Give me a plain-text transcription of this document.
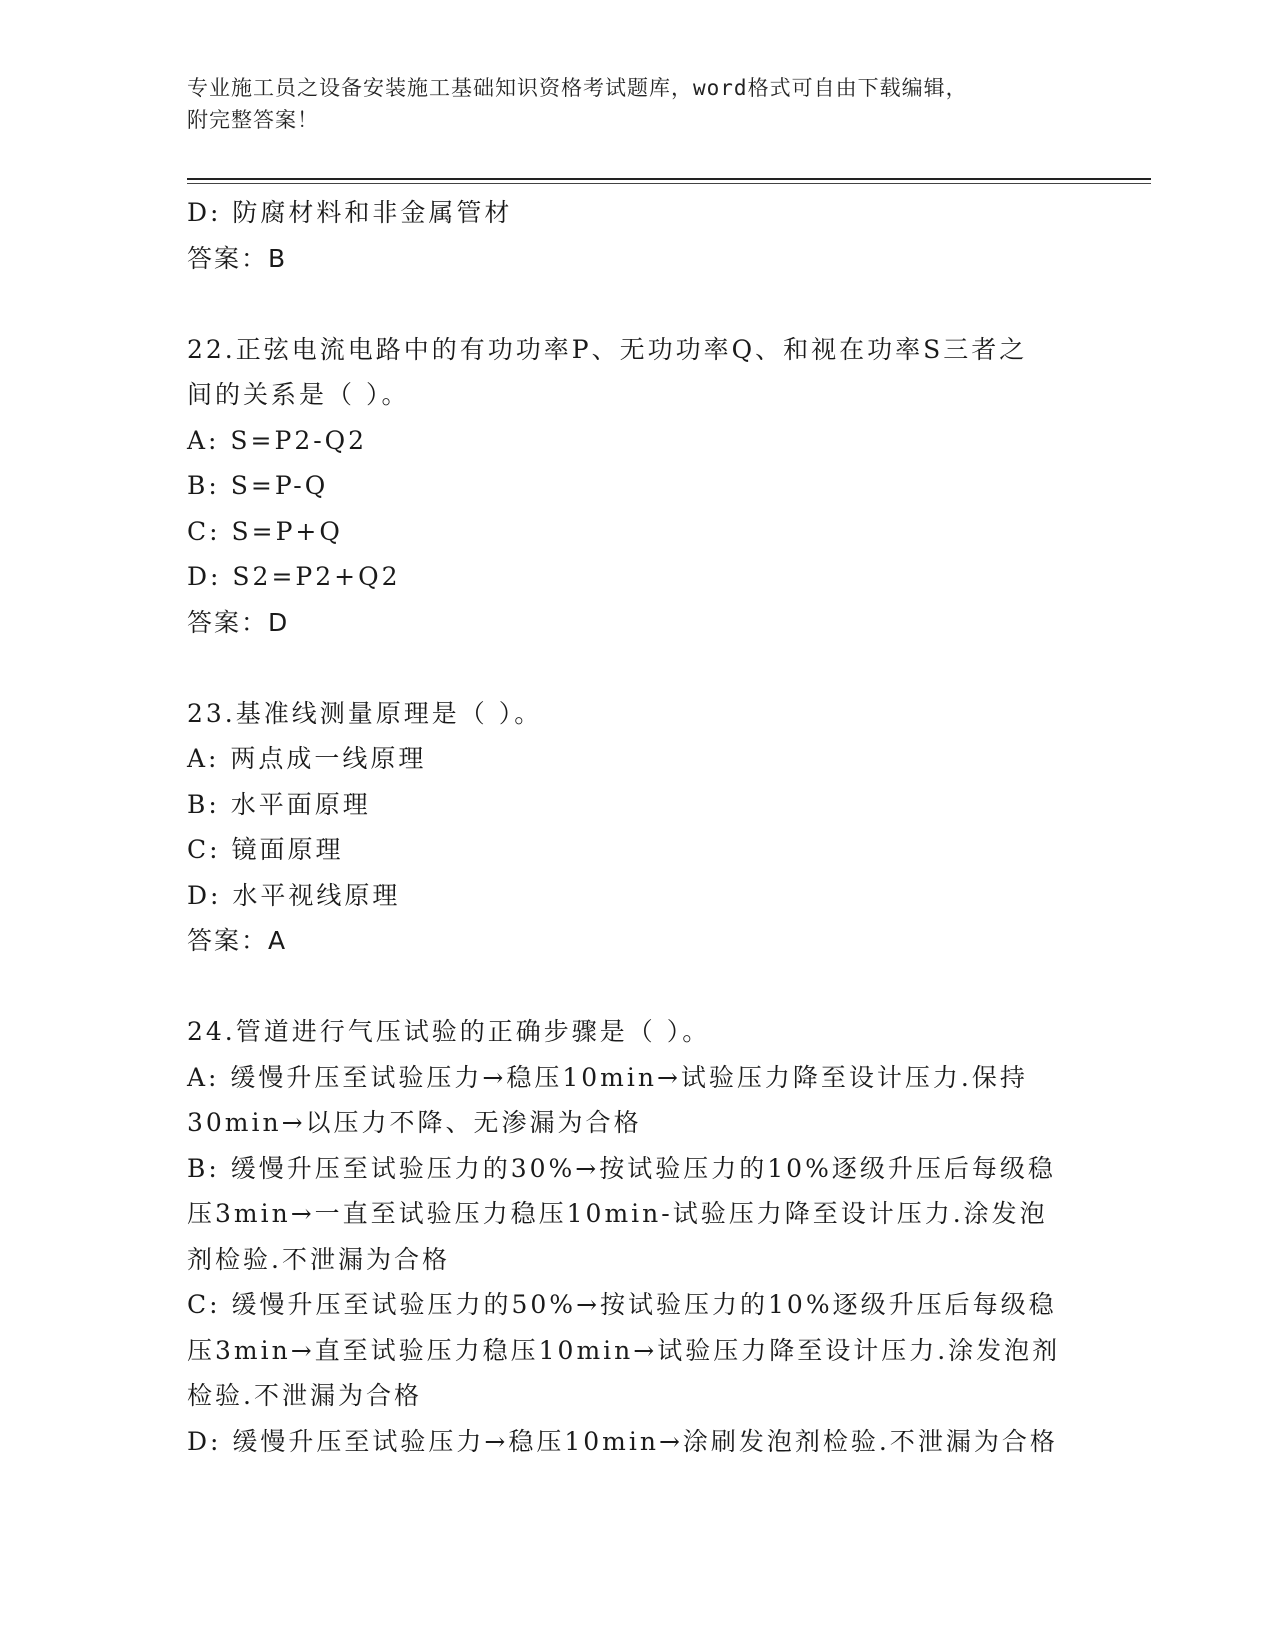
专业施工员之设备安装施工基础知识资格考试题库，word格式可自由下载编辑，
附完整答案！
D: 防腐材料和非金属管材
答案：B
22.正弦电流电路中的有功功率P、无功功率Q、和视在功率S三者之
间的关系是（ ）。
A: S=P2-Q2
B: S=P-Q
C: S=P+Q
D: S2=P2+Q2
答案：D
23.基准线测量原理是（ ）。
A: 两点成一线原理
B: 水平面原理
C: 镜面原理
D: 水平视线原理
答案：A
24.管道进行气压试验的正确步骤是（ ）。
A: 缓慢升压至试验压力→稳压10min→试验压力降至设计压力.保持
30min→以压力不降、无渗漏为合格
B: 缓慢升压至试验压力的30%→按试验压力的10%逐级升压后每级稳
压3min→一直至试验压力稳压10min-试验压力降至设计压力.涂发泡
剂检验.不泄漏为合格
C: 缓慢升压至试验压力的50%→按试验压力的10%逐级升压后每级稳
压3min→直至试验压力稳压10min→试验压力降至设计压力.涂发泡剂
检验.不泄漏为合格
D: 缓慢升压至试验压力→稳压10min→涂刷发泡剂检验.不泄漏为合格
